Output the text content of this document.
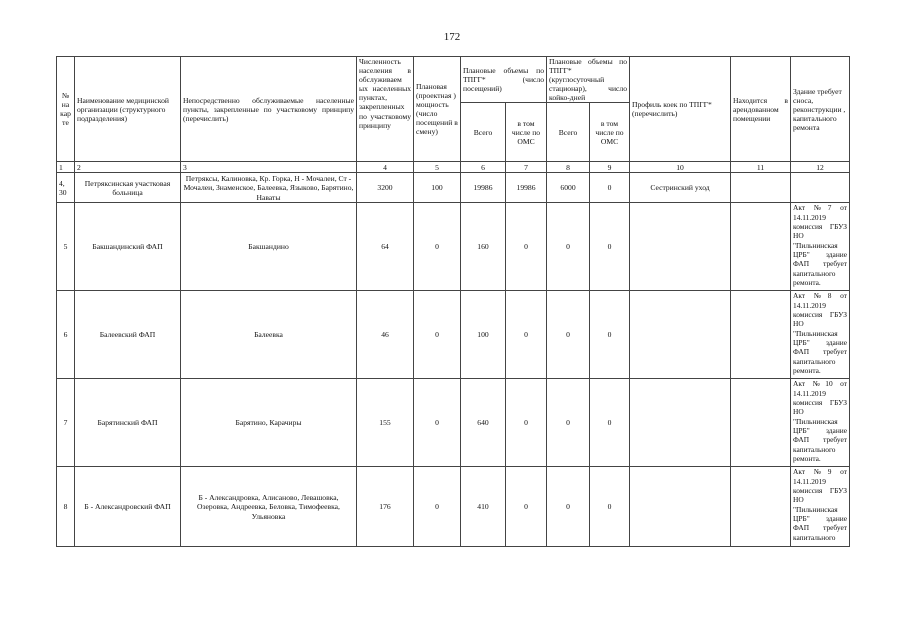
172
№ на кар те	Наименование медицинской организации (структурного подразделения)	Непосредственно обслуживаемые населенные пункты, закрепленные по участковому принципу (перечислить)	Численность населения в обслуживаем ых населенных пунктах, закрепленных по участковому принципу	Плановая (проектная ) мощность (число посещений в смену)	Плановые объемы по ТПГГ* (число посещений)		Плановые объемы по ТПГГ* (круглосуточный стационар), число койко-дней		Профиль коек по ТПГГ* (перечислить)	Находится в арендованном помещении	Здание требует сноса, реконструкции , капитального ремонта
					Всего	в том числе по ОМС	Всего	в том числе по ОМС			
1	2	3	4	5	6	7	8	9	10	11	12
4, 30	Петряксинская участковая больница	Петряксы, Калиновка, Кр. Горка, Н - Мочалеи, Ст - Мочалеи, Знаменское, Балеевка, Языково, Барятино, Наваты	3200	100	19986	19986	6000	0	Сестринский уход		
5	Бакшандинский ФАП	Бакшандино	64	0	160	0	0	0			Акт №7 от 14.11.2019 комиссия ГБУЗ НО "Пильнинская ЦРБ" здание ФАП требует капитального ремонта.
6	Балеевский ФАП	Балеевка	46	0	100	0	0	0			Акт №8 от 14.11.2019 комиссия ГБУЗ НО "Пильнинская ЦРБ" здание ФАП требует капитального ремонта.
7	Барятинский ФАП	Барятино, Карачиры	155	0	640	0	0	0			Акт №10 от 14.11.2019 комиссия ГБУЗ НО "Пильнинская ЦРБ" здание ФАП требует капитального ремонта.
8	Б - Александровский ФАП	Б - Александровка, Алисаново, Левашовка, Озеровка, Андреевка, Беловка, Тимофеевка, Ульяновка	176	0	410	0	0	0			Акт №9 от 14.11.2019 комиссия ГБУЗ НО "Пильнинская ЦРБ" здание ФАП требует капитального
